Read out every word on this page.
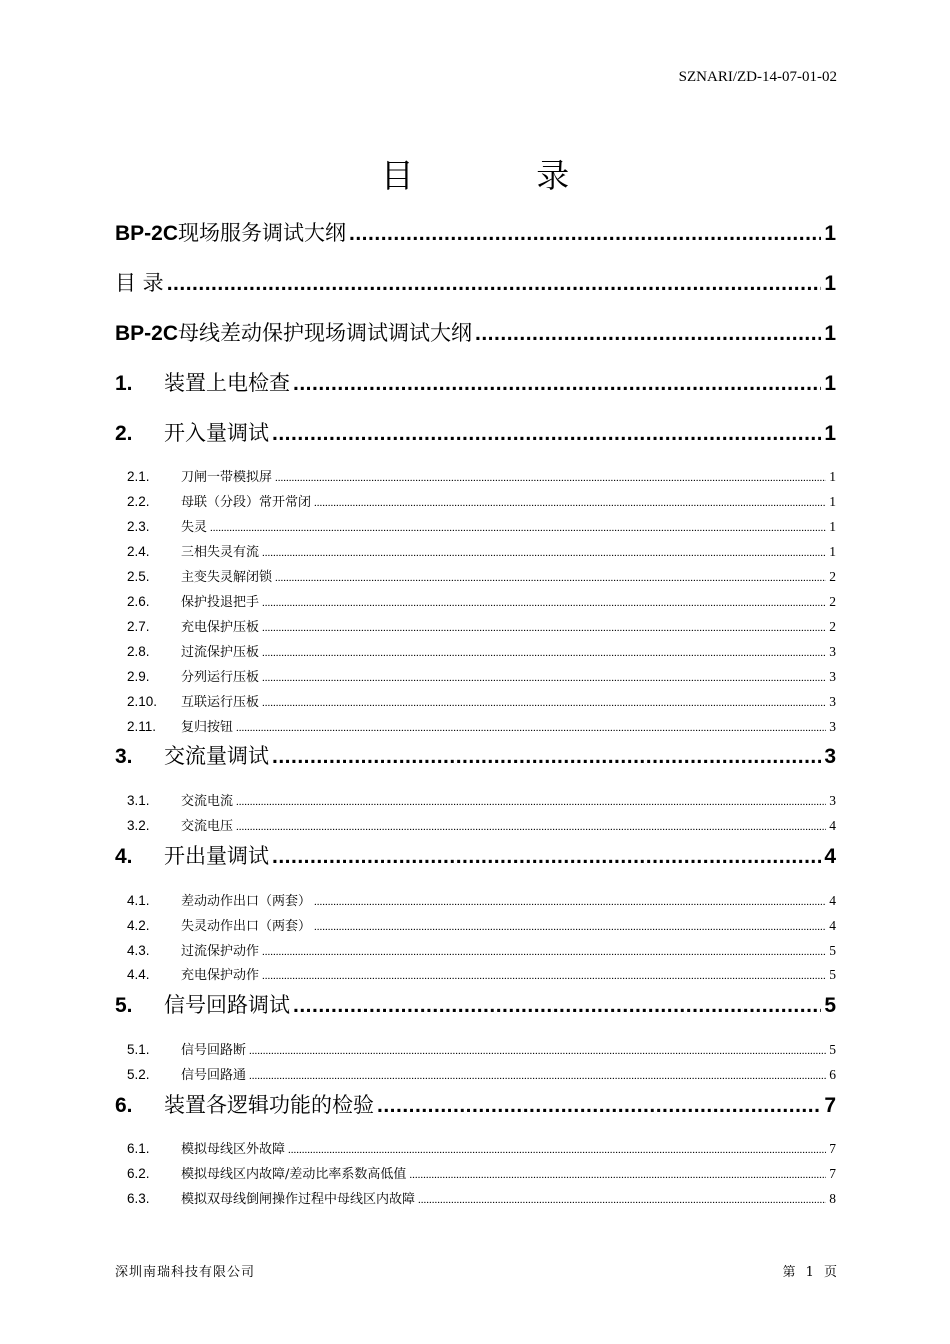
SZNARI/ZD-14-07-01-02
目 录
BP-2C现场服务调试大纲 .....	1
目 录 .....	1
BP-2C母线差动保护现场调试调试大纲 .....	1
1.	装置上电检查 .....	1
2.	开入量调试 .....	1
2.1.	刀闸一带模拟屏 .....	1
2.2.	母联（分段）常开常闭 .....	1
2.3.	失灵 .....	1
2.4.	三相失灵有流 .....	1
2.5.	主变失灵解闭锁 .....	2
2.6.	保护投退把手 .....	2
2.7.	充电保护压板 .....	2
2.8.	过流保护压板 .....	3
2.9.	分列运行压板 .....	3
2.10.	互联运行压板 .....	3
2.11.	复归按钮 .....	3
3.	交流量调试 .....	3
3.1.	交流电流 .....	3
3.2.	交流电压 .....	4
4.	开出量调试 .....	4
4.1.	差动动作出口（两套） .....	4
4.2.	失灵动作出口（两套） .....	4
4.3.	过流保护动作 .....	5
4.4.	充电保护动作 .....	5
5.	信号回路调试 .....	5
5.1.	信号回路断 .....	5
5.2.	信号回路通 .....	6
6.	装置各逻辑功能的检验 .....	7
6.1.	模拟母线区外故障 .....	7
6.2.	模拟母线区内故障/差动比率系数高低值 .....	7
6.3.	模拟双母线倒闸操作过程中母线区内故障 .....	8
深圳南瑞科技有限公司	第 1 页
